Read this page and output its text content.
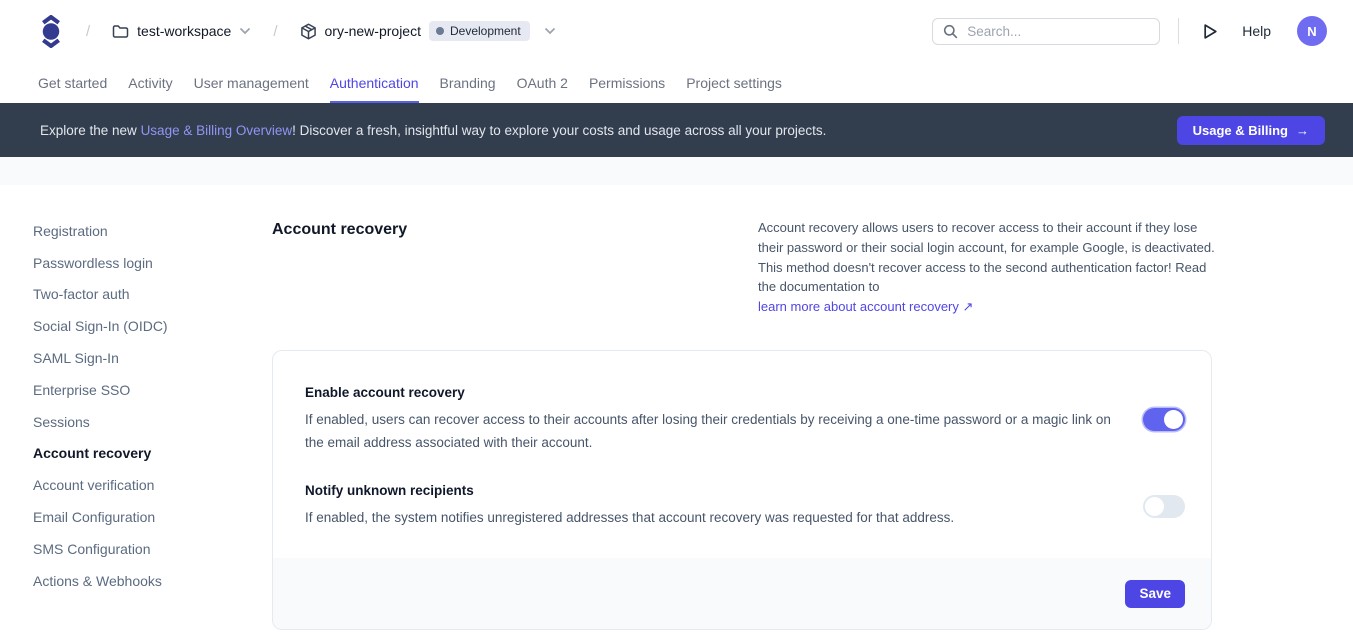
/	test-workspace	/	ory-new-project Development
Search...	Help	N
Get started Activity User management Authentication Branding OAuth 2 Permissions Project settings
Explore the new Usage & Billing Overview! Discover a fresh, insightful way to explore your costs and usage across all your projects.	Usage & Billing →
Registration
Passwordless login
Two-factor auth
Social Sign-In (OIDC)
SAML Sign-In
Enterprise SSO
Sessions
Account recovery
Account verification
Email Configuration
SMS Configuration
Actions & Webhooks
Account recovery	Account recovery allows users to recover access to their account if they lose their password or their social login account, for example Google, is deactivated. This method doesn't recover access to the second authentication factor! Read the documentation to
learn more about account recovery ↗

Enable account recovery
If enabled, users can recover access to their accounts after losing their credentials by receiving a one-time password or a magic link on the email address associated with their account.
Notify unknown recipients
If enabled, the system notifies unregistered addresses that account recovery was requested for that address.
Save
